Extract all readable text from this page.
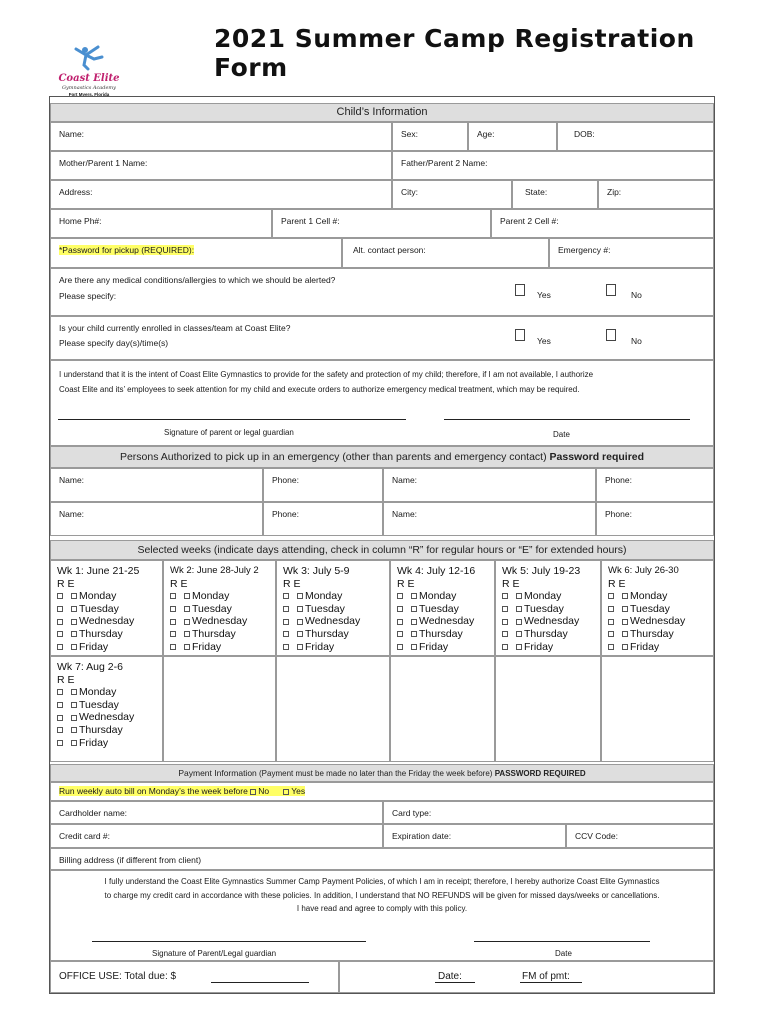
2021 Summer Camp Registration Form
Coast Elite
Gymnastics Academy
Fort Myers, Florida
Child’s Information
Name:	Sex:	Age:	DOB:
Mother/Parent 1 Name:	Father/Parent 2 Name:
Address:	City:	State:	Zip:
Home Ph#:	Parent 1 Cell #:	Parent 2 Cell #:
*Password for pickup (REQUIRED):	Alt. contact person:	Emergency #:
Are there any medical conditions/allergies to which we should be alerted?
Please specify:	Yes	No
Is your child currently enrolled in classes/team at Coast Elite?
Please specify day(s)/time(s)	Yes	No
I understand that it is the intent of Coast Elite Gymnastics to provide for the safety and protection of my child; therefore, if I am not available, I authorize
Coast Elite and its’ employees to seek attention for my child and execute orders to authorize emergency medical treatment, which may be required.
Signature of parent or legal guardian	Date
Persons Authorized to pick up in an emergency (other than parents and emergency contact) Password required
Name:	Phone:	Name:	Phone:
Name:	Phone:	Name:	Phone:
Selected weeks (indicate days attending, check in column “R” for regular hours or “E” for extended hours)
Wk 1: June 21-25
R E
Monday
Tuesday
Wednesday
Thursday
Friday
Wk 2: June 28-July 2
R E
Monday
Tuesday
Wednesday
Thursday
Friday
Wk 3: July 5-9
R E
Monday
Tuesday
Wednesday
Thursday
Friday
Wk 4: July 12-16
R E
Monday
Tuesday
Wednesday
Thursday
Friday
Wk 5: July 19-23
R E
Monday
Tuesday
Wednesday
Thursday
Friday
Wk 6: July 26-30
R E
Monday
Tuesday
Wednesday
Thursday
Friday
Wk 7: Aug 2-6
R E
Monday
Tuesday
Wednesday
Thursday
Friday
Payment Information (Payment must be made no later than the Friday the week before) PASSWORD REQUIRED
Run weekly auto bill on Monday’s the week before No	Yes
Cardholder name:	Card type:
Credit card #:	Expiration date:	CCV Code:
Billing address (if different from client)
I fully understand the Coast Elite Gymnastics Summer Camp Payment Policies, of which I am in receipt; therefore, I hereby authorize Coast Elite Gymnastics
to charge my credit card in accordance with these policies. In addition, I understand that NO REFUNDS will be given for missed days/weeks or cancellations.
I have read and agree to comply with this policy.
Signature of Parent/Legal guardian	Date
OFFICE USE: Total due: $	Date:	FM of pmt:
